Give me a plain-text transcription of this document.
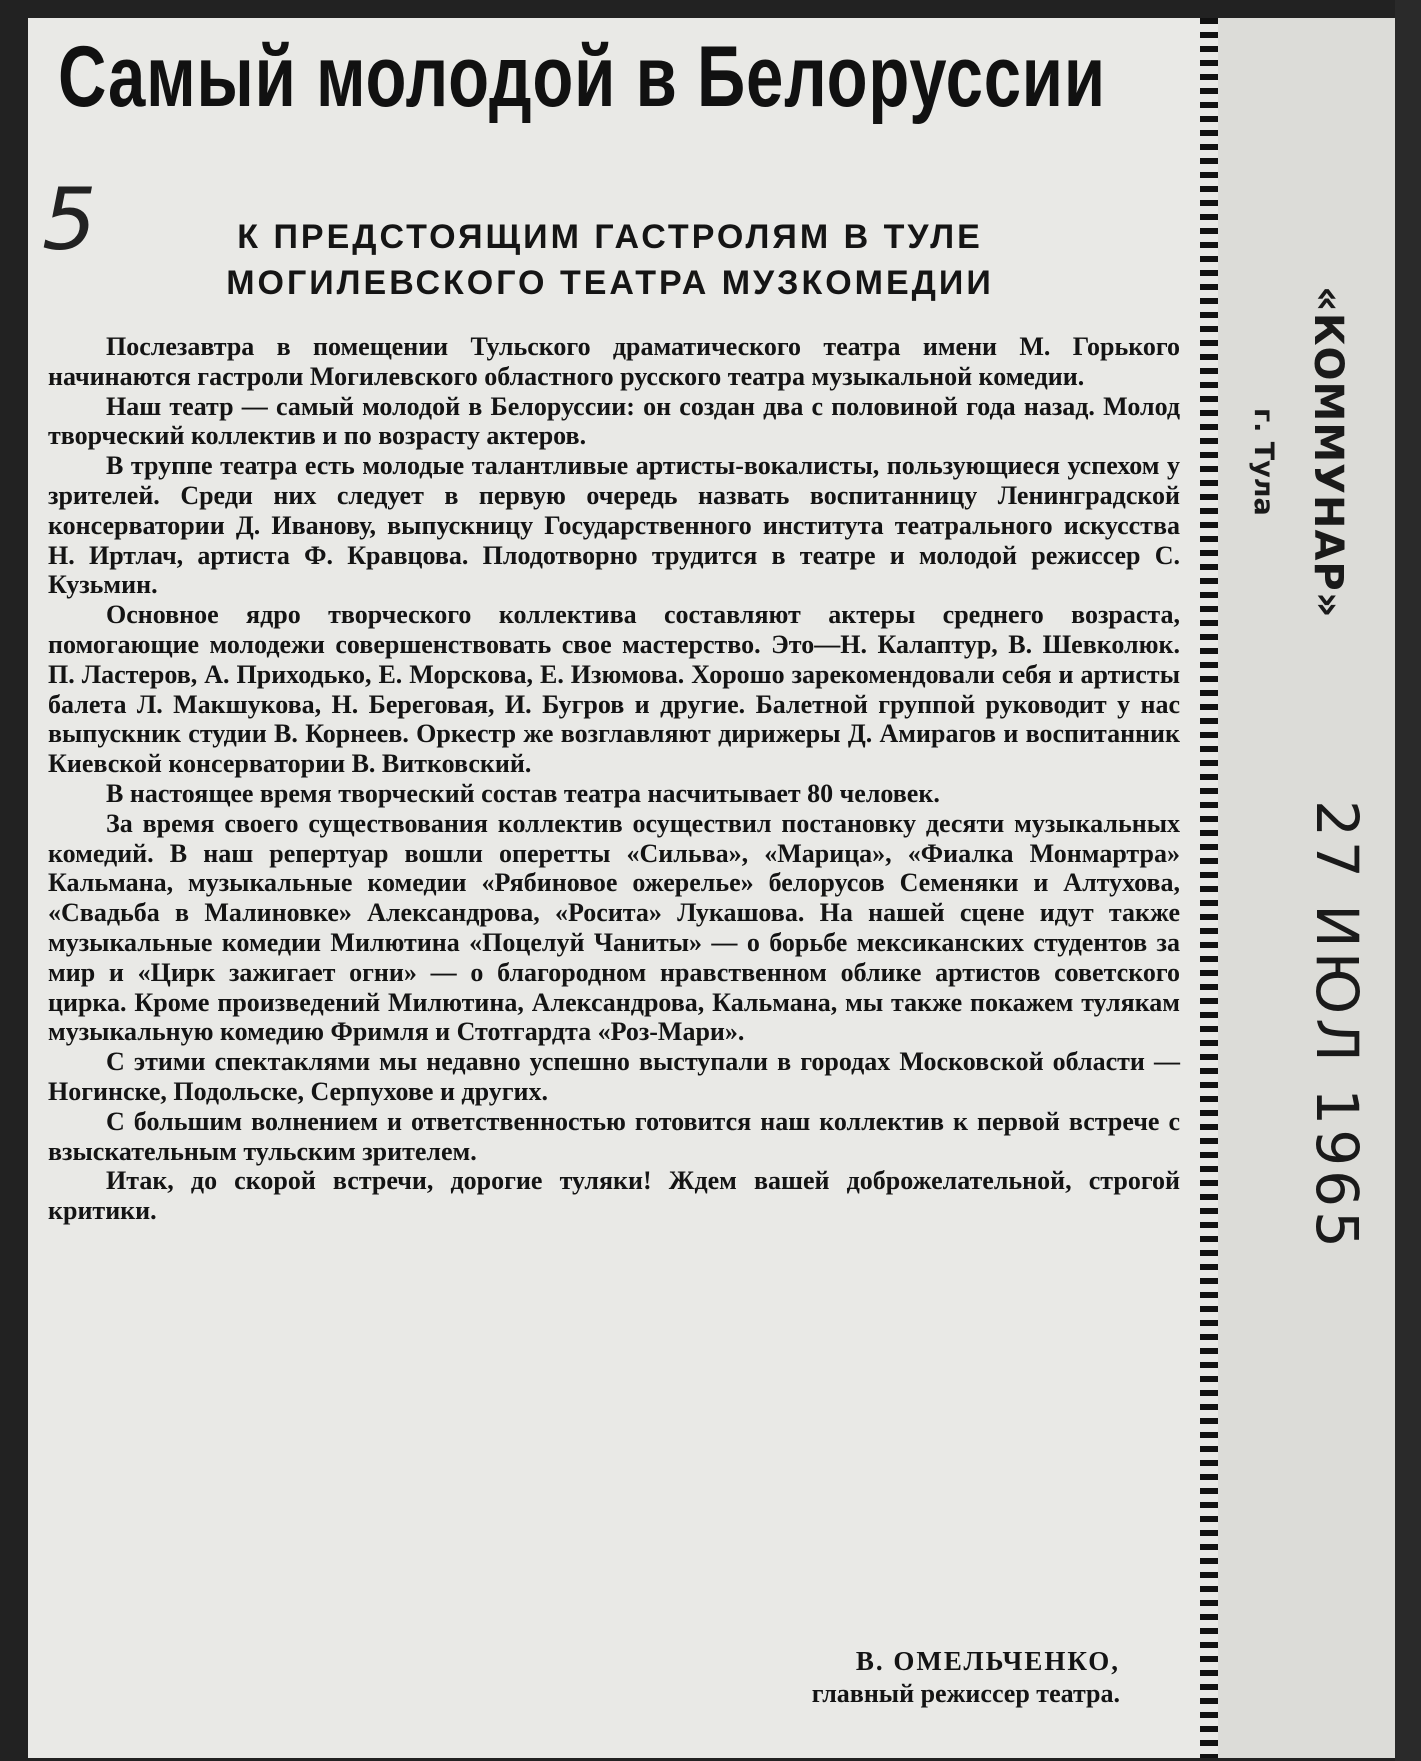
Самый молодой в Белоруссии
5	К ПРЕДСТОЯЩИМ ГАСТРОЛЯМ В ТУЛЕ МОГИЛЕВСКОГО ТЕАТРА МУЗКОМЕДИИ

Послезавтра в помещении Тульского драматического театра имени М. Горького начинаются гастроли Могилевского областного русского театра музыкальной комедии.

Наш театр — самый молодой в Белоруссии: он создан два с половиной года назад. Молод творческий коллектив и по возрасту актеров.

В труппе театра есть молодые талантливые артисты-вокалисты, пользующиеся успехом у зрителей. Среди них следует в первую очередь назвать воспитанницу Ленинградской консерватории Д. Иванову, выпускницу Государственного института театрального искусства Н. Иртлач, артиста Ф. Кравцова. Плодотворно трудится в театре и молодой режиссер С. Кузьмин.

Основное ядро творческого коллектива составляют актеры среднего возраста, помогающие молодежи совершенствовать свое мастерство. Это—Н. Калаптур, В. Шевколюк. П. Ластеров, А. Приходько, Е. Морскова, Е. Изюмова. Хорошо зарекомендовали себя и артисты балета Л. Макшукова, Н. Береговая, И. Бугров и другие. Балетной группой руководит у нас выпускник студии В. Корнеев. Оркестр же возглавляют дирижеры Д. Амирагов и воспитанник Киевской консерватории В. Витковский.

В настоящее время творческий состав театра насчитывает 80 человек.

За время своего существования коллектив осуществил постановку десяти музыкальных комедий. В наш репертуар вошли оперетты «Сильва», «Марица», «Фиалка Монмартра» Кальмана, музыкальные комедии «Рябиновое ожерелье» белорусов Семеняки и Алтухова, «Свадьба в Малиновке» Александрова, «Росита» Лукашова. На нашей сцене идут также музыкальные комедии Милютина «Поцелуй Чаниты» — о борьбе мексиканских студентов за мир и «Цирк зажигает огни» — о благородном нравственном облике артистов советского цирка. Кроме произведений Милютина, Александрова, Кальмана, мы также покажем тулякам музыкальную комедию Фримля и Стотгардта «Роз-Мари».

С этими спектаклями мы недавно успешно выступали в городах Московской области — Ногинске, Подольске, Серпухове и других.

С большим волнением и ответственностью готовится наш коллектив к первой встрече с взыскательным тульским зрителем.

Итак, до скорой встречи, дорогие туляки! Ждем вашей доброжелательной, строгой критики.

В. ОМЕЛЬЧЕНКО,
главный режиссер театра.
«КОММУНАР»
г. Тула
27 ИЮЛ 1965
